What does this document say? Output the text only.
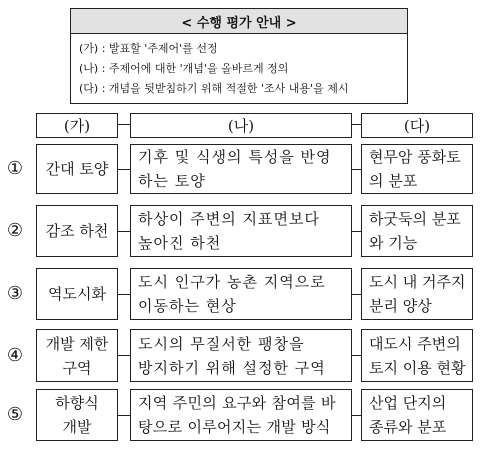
< 수행 평가 안내 >
(가) : 발표할 '주제어'를 선정
(나) : 주제어에 대한 '개념'을 올바르게 정의
(다) : 개념을 뒷받침하기 위해 적절한 '조사 내용'을 제시
(가)	(나)	(다)
① 간대 토양
기후 및 식생의 특성을 반영
하는 토양
현무암 풍화토
의 분포
② 감조 하천
하상이 주변의 지표면보다
높아진 하천
하굿둑의 분포
와 기능
③ 역도시화
도시 인구가 농촌 지역으로
이동하는 현상
도시 내 거주지
분리 양상
④
개발 제한
구역
도시의 무질서한 팽창을
방지하기 위해 설정한 구역
대도시 주변의
토지 이용 현황
⑤
하향식
개발
지역 주민의 요구와 참여를 바
탕으로 이루어지는 개발 방식
산업 단지의
종류와 분포
